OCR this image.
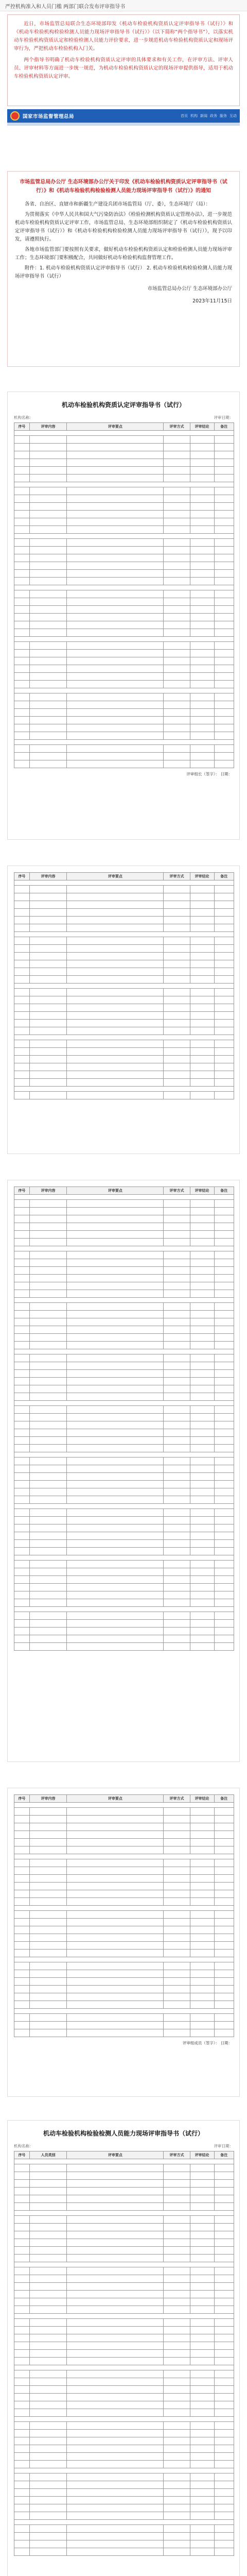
严控机构准入和人员门槛 两部门联合发布评审指导书

近日，市场监管总局联合生态环境部印发《机动车检验机构资质认定评审指导书（试行）》和《机动车检验机构检验检测人员能力现场评审指导书（试行）》（以下简称“两个指导书”），以落实机动车检验机构资质认定和检验检测人员能力评价要求，进一步规范机动车检验机构资质认定和现场评审行为，严把机动车检验机构入门关。

两个指导书明确了机动车检验机构资质认定评审的具体要求和有关工作，在评审方法、评审人员、评审材料等方面进一步统一规范，为机动车检验机构资质认定的现场评审提供指导，适用于机动车检验机构资质认定评审。

国家市场监督管理总局	首页 机构 新闻 政务 服务 互动
市场监管总局办公厅 生态环境部办公厅关于印发《机动车检验机构资质认定评审指导书（试行）》和《机动车检验机构检验检测人员能力现场评审指导书（试行）》的通知

各省、自治区、直辖市和新疆生产建设兵团市场监管局（厅、委），生态环境厅（局）：

为贯彻落实《中华人民共和国大气污染防治法》《检验检测机构资质认定管理办法》，进一步规范机动车检验机构资质认定评审工作，市场监管总局、生态环境部组织制定了《机动车检验机构资质认定评审指导书（试行）》和《机动车检验机构检验检测人员能力现场评审指导书（试行）》，现予以印发，请遵照执行。

各地市场监管部门要按照有关要求，做好机动车检验机构资质认定和检验检测人员能力现场评审工作；生态环境部门要积极配合，共同做好机动车检验机构监督管理工作。

附件：1. 机动车检验机构资质认定评审指导书（试行） 2. 机动车检验机构检验检测人员能力现场评审指导书（试行）

市场监管总局办公厅 生态环境部办公厅

2023年11月15日

机动车检验机构资质认定评审指导书（试行）
机构名称：	评审日期：
序号	评审内容	评审要点	评审方式	评审结论	备注

评审组长（签字）： 日期：
序号	评审内容	评审要点	评审方式	评审结论	备注

序号	评审内容	评审要点	评审方式	评审结论	备注

序号	评审内容	评审要点	评审方式	评审结论	备注

评审组成员（签字）： 日期：
机动车检验机构检验检测人员能力现场评审指导书（试行）
机构名称：	评审日期：
序号	人员类别	评审要点	评审方式	评审结论	备注
